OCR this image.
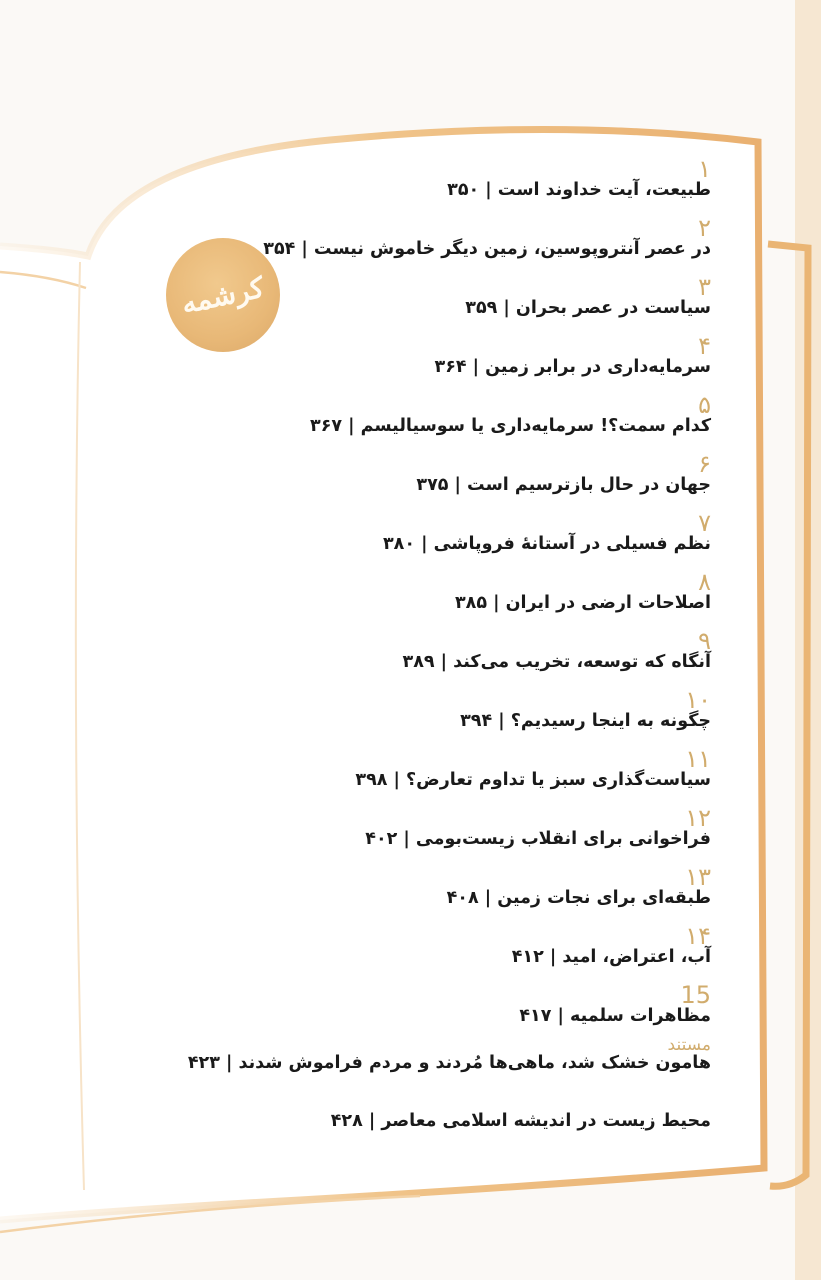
کرشمه
۱
طبیعت، آیت خداوند است | ۳۵۰
۲
در عصر آنتروپوسین، زمین دیگر خاموش نیست | ۳۵۴
۳
سیاست در عصر بحران | ۳۵۹
۴
سرمایه‌داری در برابر زمین | ۳۶۴
۵
کدام سمت؟! سرمایه‌داری یا سوسیالیسم | ۳۶۷
۶
جهان در حال بازترسیم است | ۳۷۵
۷
نظم فسیلی در آستانهٔ فروپاشی | ۳۸۰
۸
اصلاحات ارضی در ایران | ۳۸۵
۹
آنگاه که توسعه، تخریب می‌کند | ۳۸۹
۱۰
چگونه به اینجا رسیدیم؟ | ۳۹۴
۱۱
سیاست‌گذاری سبز یا تداوم تعارض؟ | ۳۹۸
۱۲
فراخوانی برای انقلاب زیست‌بومی | ۴۰۲
۱۳
طبقه‌ای برای نجات زمین | ۴۰۸
۱۴
آب، اعتراض، امید | ۴۱۲
15
مظاهرات سلمیه | ۴۱۷
مستند
هامون خشک شد، ماهی‌ها مُردند و مردم فراموش شدند | ۴۲۳
محیط زیست در اندیشه اسلامی معاصر | ۴۲۸
